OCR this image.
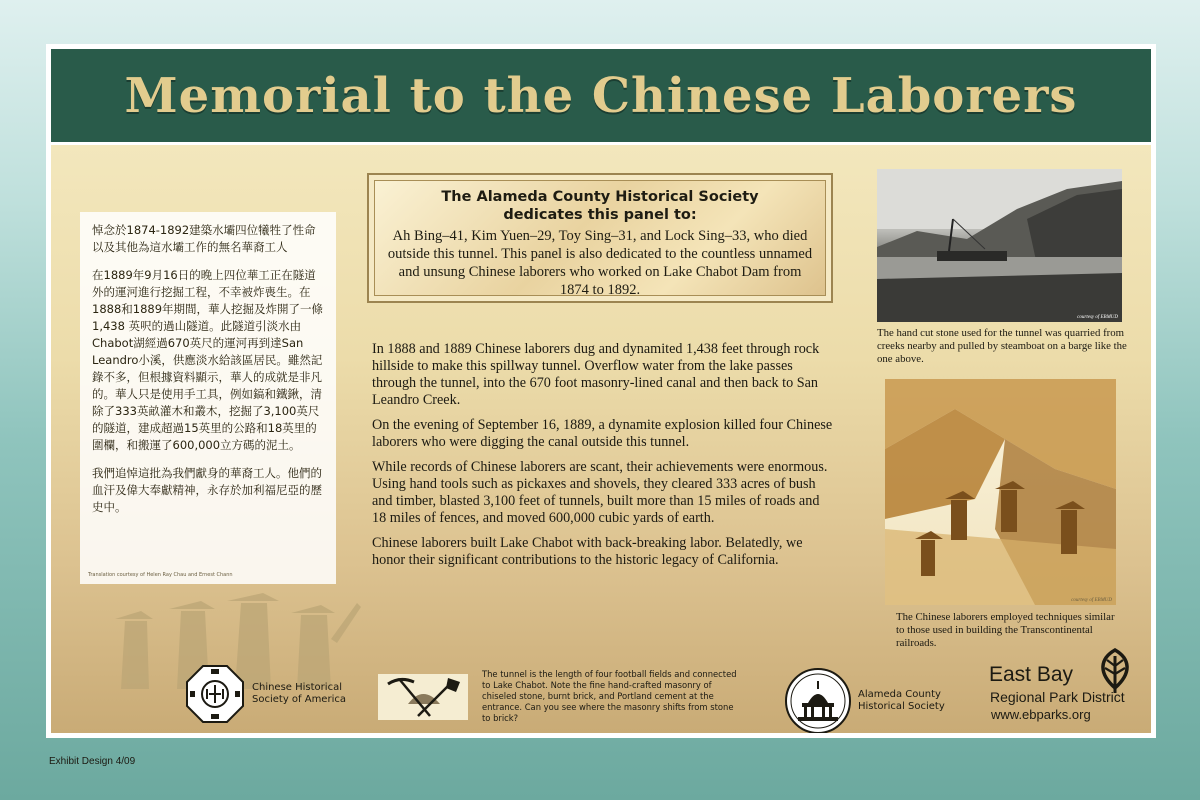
Memorial to the Chinese Laborers

悼念於1874-1892建築水壩四位犧牲了性命以及其他為這水壩工作的無名華裔工人

在1889年9月16日的晚上四位華工正在隧道外的運河進行挖掘工程，不幸被炸喪生。在1888和1889年期間，華人挖掘及炸開了一條1,438 英呎的過山隧道。此隧道引淡水由Chabot湖經過670英尺的運河再到達San Leandro小溪，供應淡水給該區居民。雖然記錄不多，但根據資料顯示，華人的成就是非凡的。華人只是使用手工具，例如鎬和鐵鍬，清除了333英畝灌木和叢木，挖掘了3,100英尺的隧道，建成超過15英里的公路和18英里的圍欄，和搬運了600,000立方碼的泥土。

我們追悼這批為我們獻身的華裔工人。他們的血汗及偉大奉獻精神，永存於加利福尼亞的歷史中。

Translation courtesy of Helen Ray Chau and Ernest Chann

The Alameda County Historical Society

dedicates this panel to:

Ah Bing–41, Kim Yuen–29, Toy Sing–31, and Lock Sing–33, who died outside this tunnel. This panel is also dedicated to the countless unnamed and unsung Chinese laborers who worked on Lake Chabot Dam from 1874 to 1892.

In 1888 and 1889 Chinese laborers dug and dynamited 1,438 feet through rock hillside to make this spillway tunnel. Overflow water from the lake passes through the tunnel, into the 670 foot masonry-lined canal and then back to San Leandro Creek.

On the evening of September 16, 1889, a dynamite explosion killed four Chinese laborers who were digging the canal outside this tunnel.

While records of Chinese laborers are scant, their achievements were enormous. Using hand tools such as pickaxes and shovels, they cleared 333 acres of bush and timber, blasted 3,100 feet of tunnels, built more than 15 miles of roads and 18 miles of fences, and moved 600,000 cubic yards of earth.

Chinese laborers built Lake Chabot with back-breaking labor. Belatedly, we honor their significant contributions to the historic legacy of California.

courtesy of EBMUD
The hand cut stone used for the tunnel was quarried from creeks nearby and pulled by steamboat on a barge like the one above.
courtesy of EBMUD
The Chinese laborers employed techniques similar to those used in building the Transcontinental railroads.
Chinese Historical
Society of America
The tunnel is the length of four football fields and connected to Lake Chabot. Note the fine hand-crafted masonry of chiseled stone, burnt brick, and Portland cement at the entrance. Can you see where the masonry shifts from stone to brick?
Alameda County
Historical Society
East Bay
Regional Park District
www.ebparks.org
Exhibit Design 4/09
